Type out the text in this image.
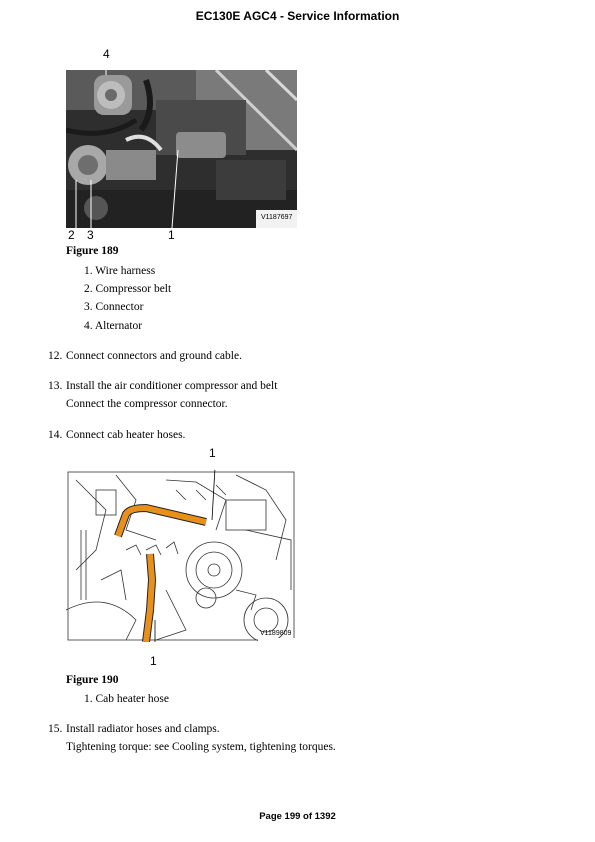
EC130E AGC4 - Service Information
4
V1187697
2 3	1
Figure 189
1. Wire harness
2. Compressor belt
3. Connector
4. Alternator
12. Connect connectors and ground cable.
13. Install the air conditioner compressor and belt
Connect the compressor connector.
14. Connect cab heater hoses.
1
V1189809
1
Figure 190
1. Cab heater hose
15. Install radiator hoses and clamps.
Tightening torque: see Cooling system, tightening torques.
Page 199 of 1392
